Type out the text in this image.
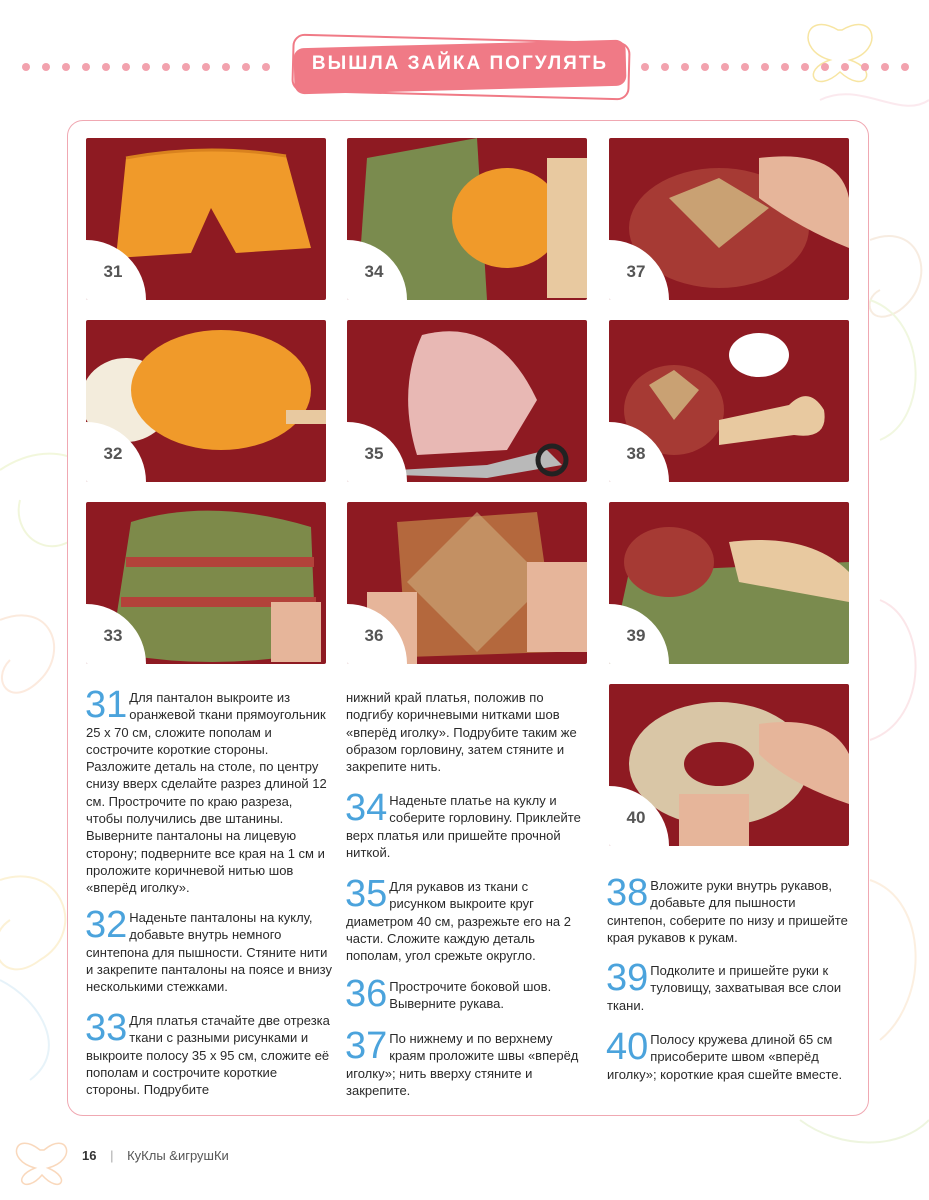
ВЫШЛА ЗАЙКА ПОГУЛЯТЬ
31
32
33
34
35
36
37
38
39
40
31 Для панталон выкроите из оранжевой ткани прямоугольник 25 х 70 см, сложите пополам и сострочите короткие стороны. Разложите деталь на столе, по центру снизу вверх сделайте разрез длиной 12 см. Прострочите по краю разреза, чтобы получились две штанины. Выверните панталоны на лицевую сторону; подверните все края на 1 см и проложите коричневой нитью шов «вперёд иголку».

32 Наденьте панталоны на куклу, добавьте внутрь немного синтепона для пышности. Стяните нити и закрепите панталоны на поясе и внизу несколькими стежками.

33 Для платья стачайте две отрезка ткани с разными рисунками и выкроите полосу 35 х 95 см, сложите её пополам и сострочите короткие стороны. Подрубите

нижний край платья, положив по подгибу коричневыми нитками шов «вперёд иголку». Подрубите таким же образом горловину, затем стяните и закрепите нить.

34 Наденьте платье на куклу и соберите горловину. Приклейте верх платья или пришейте прочной ниткой.

35 Для рукавов из ткани с рисунком выкроите круг диаметром 40 см, разрежьте его на 2 части. Сложите каждую деталь пополам, угол срежьте округло.

36 Прострочите боковой шов. Выверните рукава.

37 По нижнему и по верхнему краям проложите швы «вперёд иголку»; нить вверху стяните и закрепите.

38 Вложите руки внутрь рукавов, добавьте для пышности синтепон, соберите по низу и пришейте края рукавов к рукам.

39 Подколите и пришейте руки к туловищу, захватывая все слои ткани.

40 Полосу кружева длиной 65 см присоберите швом «вперёд иголку»; короткие края сшейте вместе.

16 | КуКлы &игрушКи
